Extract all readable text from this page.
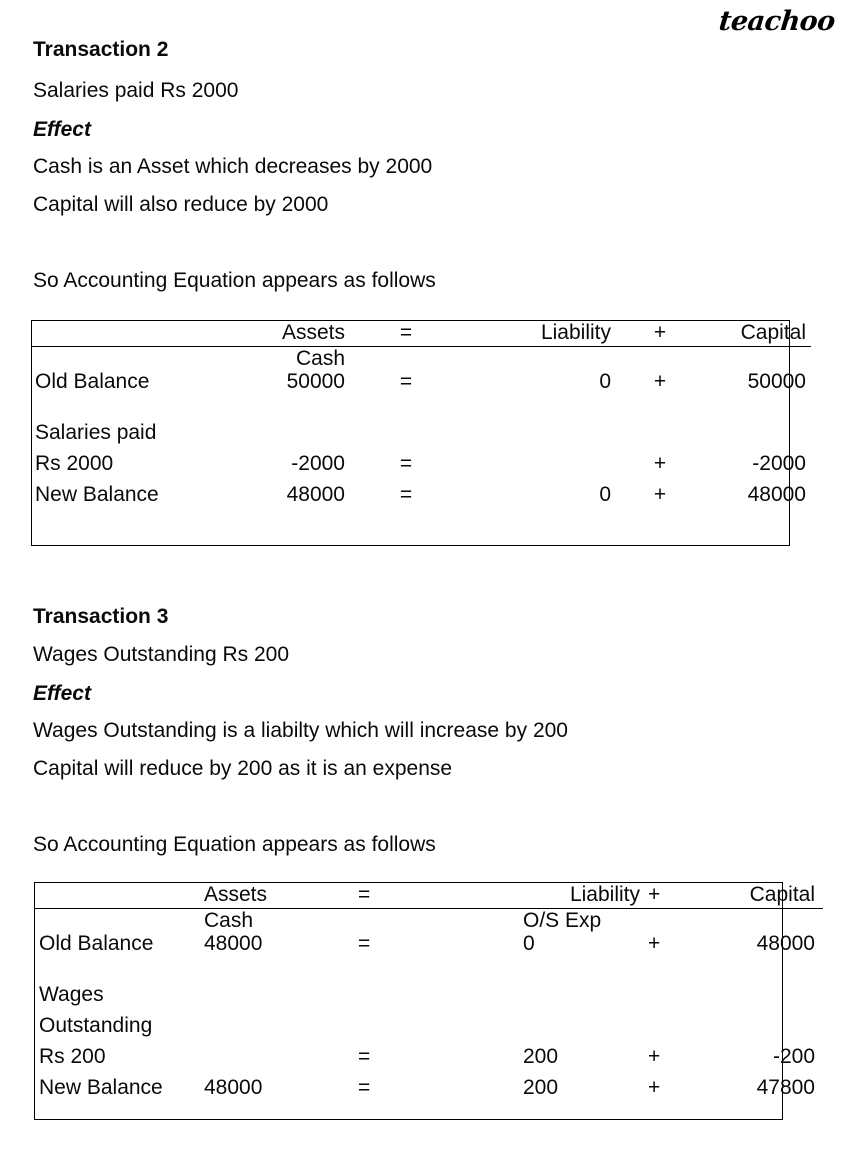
teachoo
Transaction 2
Salaries paid Rs 2000
Effect
Cash is an Asset which decreases by 2000
Capital will also reduce by 2000
So Accounting Equation appears as follows
	Assets	=	Liability	+	Capital
	Cash				
Old Balance	50000	=	0	+	50000

Salaries paid					
Rs 2000	-2000	=		+	-2000
New Balance	48000	=	0	+	48000
Transaction 3
Wages Outstanding Rs 200
Effect
Wages Outstanding is a liabilty which will increase by 200
Capital will reduce by 200 as it is an expense
So Accounting Equation appears as follows
	Assets	=	Liability	+	Capital
	Cash		O/S Exp		
Old Balance	48000	=	0	+	48000

Wages					
Outstanding					
Rs 200		=	200	+	-200
New Balance	48000	=	200	+	47800
